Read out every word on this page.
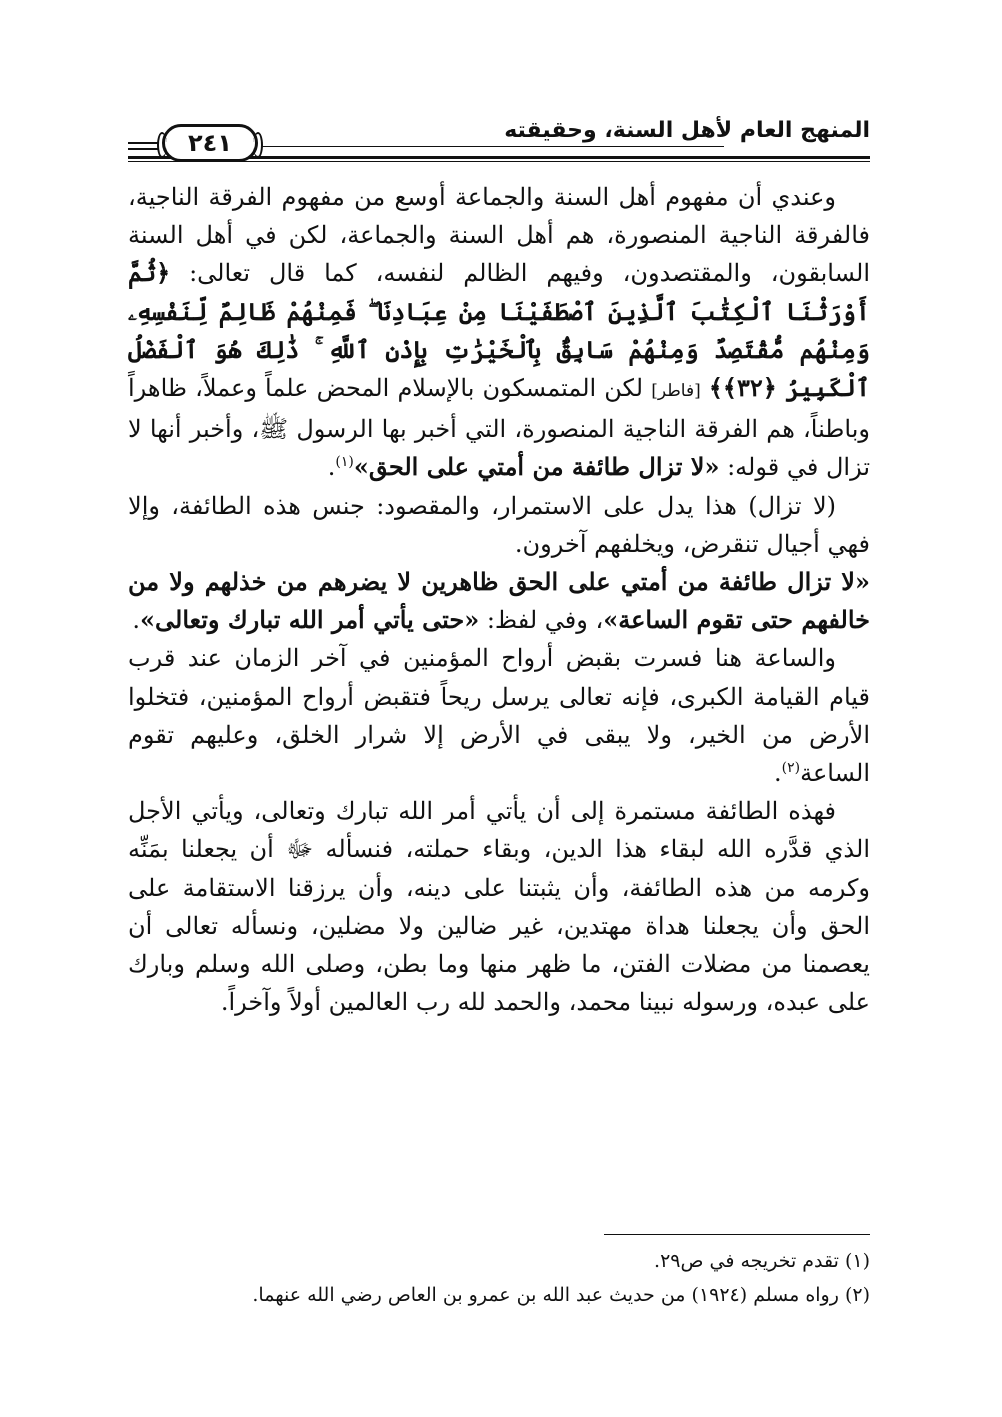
المنهج العام لأهل السنة، وحقيقته
٢٤١

وعندي أن مفهوم أهل السنة والجماعة أوسع من مفهوم الفرقة الناجية، فالفرقة الناجية المنصورة، هم أهل السنة والجماعة، لكن في أهل السنة السابقون، والمقتصدون، وفيهم الظالم لنفسه، كما قال تعالى: ﴿ثُمَّ أَوْرَثْنَا ٱلْكِتَٰبَ ٱلَّذِينَ ٱصْطَفَيْنَا مِنْ عِبَادِنَا ۖ فَمِنْهُمْ ظَالِمٌ لِّنَفْسِهِۦ وَمِنْهُم مُّقْتَصِدٌ وَمِنْهُمْ سَابِقٌۢ بِٱلْخَيْرَٰتِ بِإِذْنِ ٱللَّهِ ۚ ذَٰلِكَ هُوَ ٱلْفَضْلُ ٱلْكَبِيرُ ﴿٣٢﴾﴾ [فاطر] لكن المتمسكون بالإسلام المحض علماً وعملاً، ظاهراً وباطناً، هم الفرقة الناجية المنصورة، التي أخبر بها الرسول ﷺ، وأخبر أنها لا تزال في قوله: «لا تزال طائفة من أمتي على الحق»$^{(١)}$.

(لا تزال) هذا يدل على الاستمرار، والمقصود: جنس هذه الطائفة، وإلا فهي أجيال تنقرض، ويخلفهم آخرون.

«لا تزال طائفة من أمتي على الحق ظاهرين لا يضرهم من خذلهم ولا من خالفهم حتى تقوم الساعة»، وفي لفظ: «حتى يأتي أمر الله تبارك وتعالى».

والساعة هنا فسرت بقبض أرواح المؤمنين في آخر الزمان عند قرب قيام القيامة الكبرى، فإنه تعالى يرسل ريحاً فتقبض أرواح المؤمنين، فتخلوا الأرض من الخير، ولا يبقى في الأرض إلا شرار الخلق، وعليهم تقوم الساعة$^{(٢)}$.

فهذه الطائفة مستمرة إلى أن يأتي أمر الله تبارك وتعالى، ويأتي الأجل الذي قدَّره الله لبقاء هذا الدين، وبقاء حملته، فنسأله ﷻ أن يجعلنا بمَنِّه وكرمه من هذه الطائفة، وأن يثبتنا على دينه، وأن يرزقنا الاستقامة على الحق وأن يجعلنا هداة مهتدين، غير ضالين ولا مضلين، ونسأله تعالى أن يعصمنا من مضلات الفتن، ما ظهر منها وما بطن، وصلى الله وسلم وبارك على عبده، ورسوله نبينا محمد، والحمد لله رب العالمين أولاً وآخراً.

(١) تقدم تخريجه في ص٢٩.

(٢) رواه مسلم (١٩٢٤) من حديث عبد الله بن عمرو بن العاص رضي الله عنهما.
